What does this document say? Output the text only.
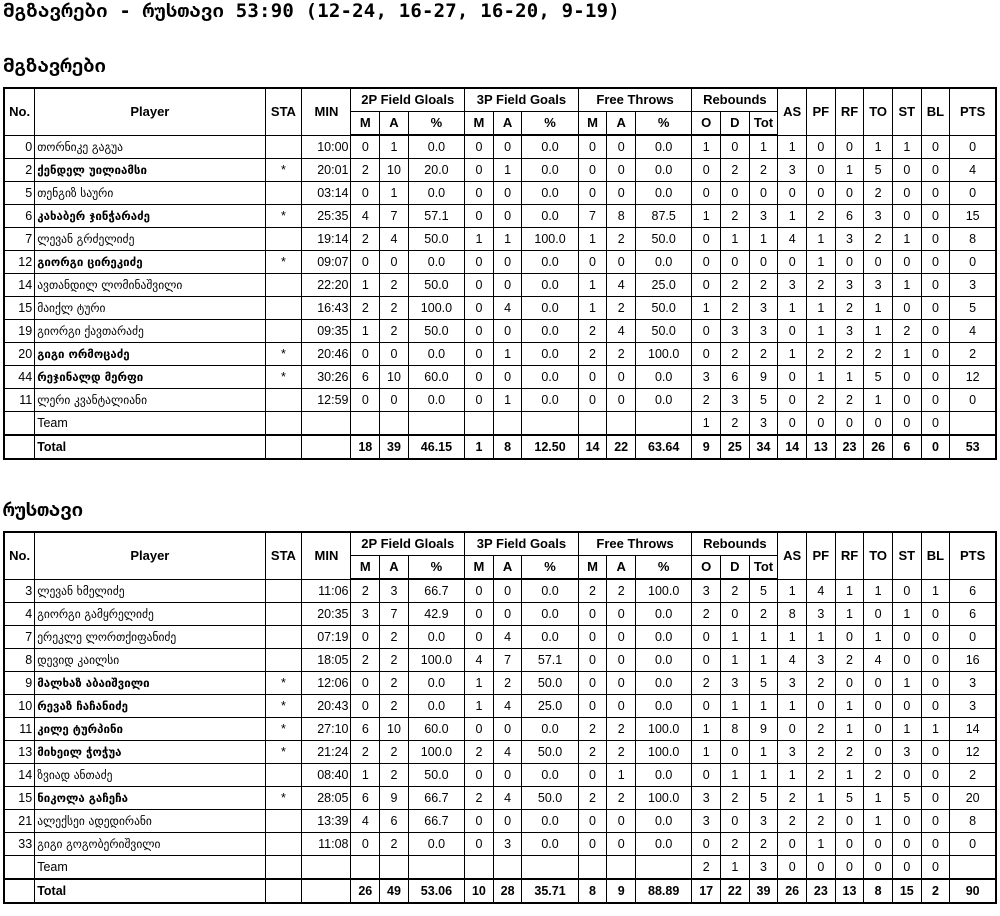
მგზავრები - რუსთავი 53:90 (12-24, 16-27, 16-20, 9-19)
მგზავრები
No.	Player	STA	MIN	2P Field Gloals			3P Field Goals			Free Throws			Rebounds			AS	PF	RF	TO	ST	BL	PTS
				M	A	%	M	A	%	M	A	%	O	D	Tot							
0	თორნიკე გაგუა		10:00	0	1	0.0	0	0	0.0	0	0	0.0	1	0	1	1	0	0	1	1	0	0
2	ქენდელ უილიამსი	*	20:01	2	10	20.0	0	1	0.0	0	0	0.0	0	2	2	3	0	1	5	0	0	4
5	თენგიზ საური		03:14	0	1	0.0	0	0	0.0	0	0	0.0	0	0	0	0	0	0	2	0	0	0
6	კახაბერ ჯინჭარაძე	*	25:35	4	7	57.1	0	0	0.0	7	8	87.5	1	2	3	1	2	6	3	0	0	15
7	ლევან გრძელიძე		19:14	2	4	50.0	1	1	100.0	1	2	50.0	0	1	1	4	1	3	2	1	0	8
12	გიორგი ცირეკიძე	*	09:07	0	0	0.0	0	0	0.0	0	0	0.0	0	0	0	0	1	0	0	0	0	0
14	ავთანდილ ლომინაშვილი		22:20	1	2	50.0	0	0	0.0	1	4	25.0	0	2	2	3	2	3	3	1	0	3
15	მაიქლ ტური		16:43	2	2	100.0	0	4	0.0	1	2	50.0	1	2	3	1	1	2	1	0	0	5
19	გიორგი ქავთარაძე		09:35	1	2	50.0	0	0	0.0	2	4	50.0	0	3	3	0	1	3	1	2	0	4
20	გიგი ორმოცაძე	*	20:46	0	0	0.0	0	1	0.0	2	2	100.0	0	2	2	1	2	2	2	1	0	2
44	რეჯინალდ მერფი	*	30:26	6	10	60.0	0	0	0.0	0	0	0.0	3	6	9	0	1	1	5	0	0	12
11	ლერი კვანტალიანი		12:59	0	0	0.0	0	1	0.0	0	0	0.0	2	3	5	0	2	2	1	0	0	0
	Team												1	2	3	0	0	0	0	0	0	
	Total			18	39	46.15	1	8	12.50	14	22	63.64	9	25	34	14	13	23	26	6	0	53
რუსთავი
No.	Player	STA	MIN	2P Field Gloals			3P Field Goals			Free Throws			Rebounds			AS	PF	RF	TO	ST	BL	PTS
				M	A	%	M	A	%	M	A	%	O	D	Tot							
3	ლევან ხმელიძე		11:06	2	3	66.7	0	0	0.0	2	2	100.0	3	2	5	1	4	1	1	0	1	6
4	გიორგი გამყრელიძე		20:35	3	7	42.9	0	0	0.0	0	0	0.0	2	0	2	8	3	1	0	1	0	6
7	ერეკლე ლორთქიფანიძე		07:19	0	2	0.0	0	4	0.0	0	0	0.0	0	1	1	1	1	0	1	0	0	0
8	დევიდ კაილსი		18:05	2	2	100.0	4	7	57.1	0	0	0.0	0	1	1	4	3	2	4	0	0	16
9	მალხაზ აბაიშვილი	*	12:06	0	2	0.0	1	2	50.0	0	0	0.0	2	3	5	3	2	0	0	1	0	3
10	რევაზ ჩაჩანიძე	*	20:43	0	2	0.0	1	4	25.0	0	0	0.0	0	1	1	1	0	1	0	0	0	3
11	კილე ტურპინი	*	27:10	6	10	60.0	0	0	0.0	2	2	100.0	1	8	9	0	2	1	0	1	1	14
13	მიხეილ ჭოჭუა	*	21:24	2	2	100.0	2	4	50.0	2	2	100.0	1	0	1	3	2	2	0	3	0	12
14	ზვიად ანთაძე		08:40	1	2	50.0	0	0	0.0	0	1	0.0	0	1	1	1	2	1	2	0	0	2
15	ნიკოლა გაჩეჩა	*	28:05	6	9	66.7	2	4	50.0	2	2	100.0	3	2	5	2	1	5	1	5	0	20
21	ალექსეი ადედირანი		13:39	4	6	66.7	0	0	0.0	0	0	0.0	3	0	3	2	2	0	1	0	0	8
33	გიგი გოგობერიშვილი		11:08	0	2	0.0	0	3	0.0	0	0	0.0	0	2	2	0	1	0	0	0	0	0
	Team												2	1	3	0	0	0	0	0	0	
	Total			26	49	53.06	10	28	35.71	8	9	88.89	17	22	39	26	23	13	8	15	2	90
